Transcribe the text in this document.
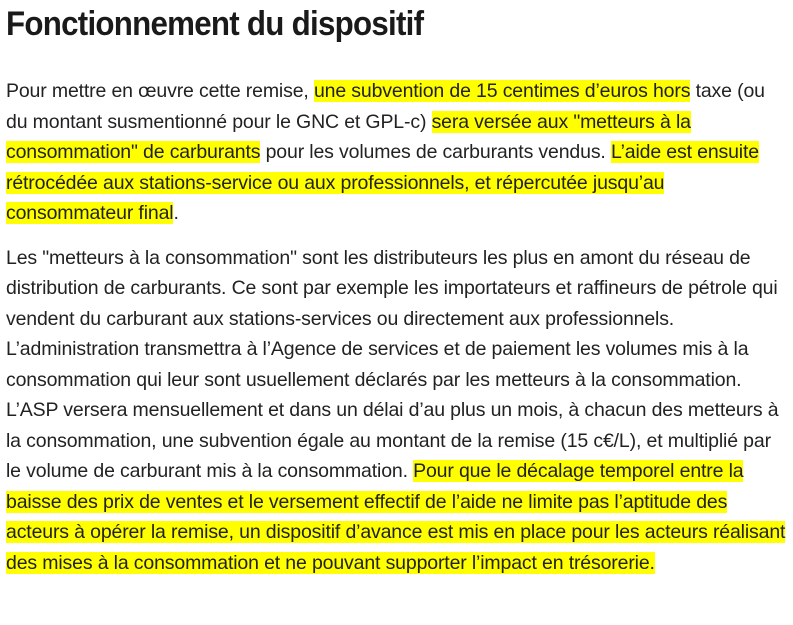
Fonctionnement du dispositif

Pour mettre en œuvre cette remise, une subvention de 15 centimes d’euros hors taxe (ou du montant susmentionné pour le GNC et GPL-c) sera versée aux "metteurs à la consommation" de carburants pour les volumes de carburants vendus. L’aide est ensuite rétrocédée aux stations-service ou aux professionnels, et répercutée jusqu’au consommateur final.

Les "metteurs à la consommation" sont les distributeurs les plus en amont du réseau de distribution de carburants. Ce sont par exemple les importateurs et raffineurs de pétrole qui vendent du carburant aux stations-services ou directement aux professionnels. L’administration transmettra à l’Agence de services et de paiement les volumes mis à la consommation qui leur sont usuellement déclarés par les metteurs à la consommation. L’ASP versera mensuellement et dans un délai d’au plus un mois, à chacun des metteurs à la consommation, une subvention égale au montant de la remise (15 c€/L), et multiplié par le volume de carburant mis à la consommation. Pour que le décalage temporel entre la baisse des prix de ventes et le versement effectif de l’aide ne limite pas l’aptitude des acteurs à opérer la remise, un dispositif d’avance est mis en place pour les acteurs réalisant des mises à la consommation et ne pouvant supporter l’impact en trésorerie.
